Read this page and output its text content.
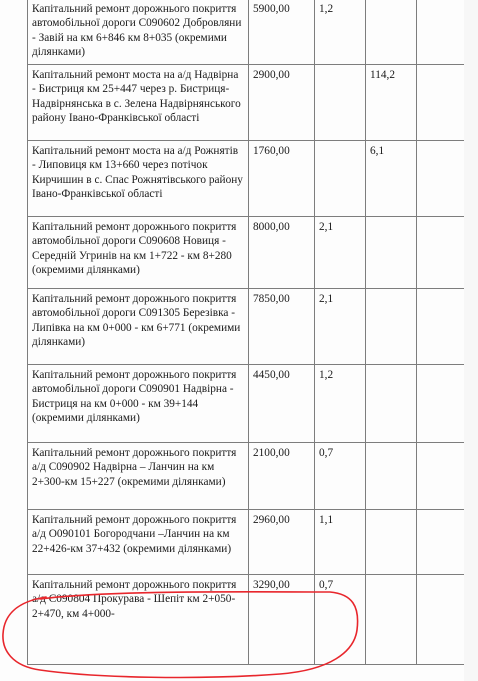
Капітальний ремонт дорожнього покриття автомобільної дороги С090602 Добровляни - Завій на км 6+846 км 8+035 (окремими ділянками)	5900,00	1,2			

Капітальний ремонт моста на а/д Надвірна - Бистриця км 25+447 через р. Бистриця-Надвірнянська в с. Зелена Надвірнянського району Івано-Франківської області	2900,00		114,2		

Капітальний ремонт моста на а/д Рожнятів - Липовиця км 13+660 через потічок Кирчишин в с. Спас Рожнятівського району Івано-Франківської області	1760,00		6,1		

Капітальний ремонт дорожнього покриття автомобільної дороги С090608 Новиця - Середній Угринів на км 1+722 - км 8+280 (окремими ділянками)	8000,00	2,1			

Капітальний ремонт дорожнього покриття автомобільної дороги С091305 Березівка - Липівка на км 0+000 - км 6+771 (окремими ділянками)	7850,00	2,1			

Капітальний ремонт дорожнього покриття автомобільної дороги С090901 Надвірна - Бистриця на км 0+000 - км 39+144 (окремими ділянками)	4450,00	1,2			

Капітальний ремонт дорожнього покриття а/д С090902 Надвірна – Ланчин на км 2+300-км 15+227 (окремими ділянками)	2100,00	0,7			

Капітальний ремонт дорожнього покриття а/д О090101 Богородчани –Ланчин на км 22+426-км 37+432 (окремими ділянками)	2960,00	1,1			

Капітальний ремонт дорожнього покриття а/д С090804 Прокурава - Шепіт км 2+050-2+470, км 4+000-	3290,00	0,7			
